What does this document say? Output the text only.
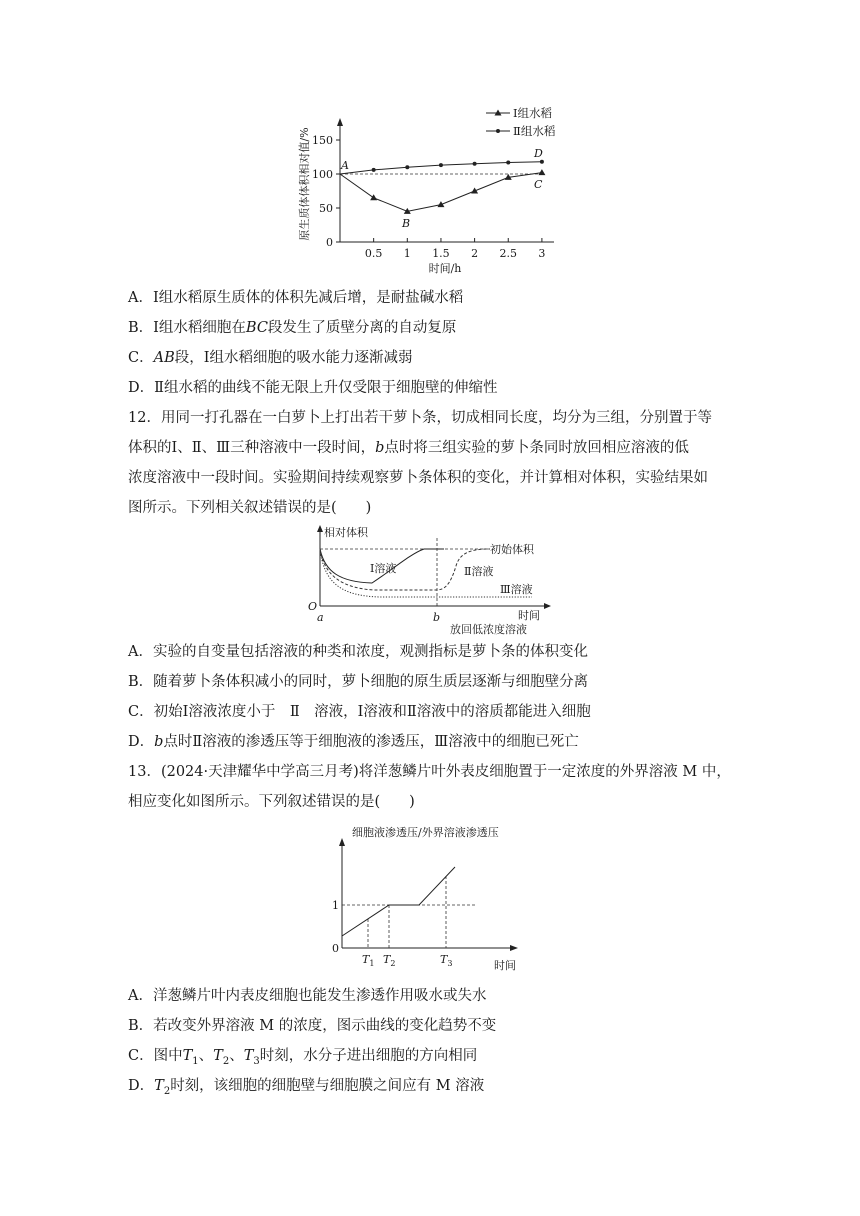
原生质体体积相对值/%
0
50
100
150
0.5 1 1.5 2 2.5 3
时间/h
A
B
C
D
Ⅰ组水稻
Ⅱ组水稻
A．Ⅰ组水稻原生质体的体积先减后增，是耐盐碱水稻
B．Ⅰ组水稻细胞在BC段发生了质壁分离的自动复原
C．AB段，Ⅰ组水稻细胞的吸水能力逐渐减弱
D．Ⅱ组水稻的曲线不能无限上升仅受限于细胞壁的伸缩性
12．用同一打孔器在一白萝卜上打出若干萝卜条，切成相同长度，均分为三组，分别置于等
体积的Ⅰ、Ⅱ、Ⅲ三种溶液中一段时间，b点时将三组实验的萝卜条同时放回相应溶液的低
浓度溶液中一段时间。实验期间持续观察萝卜条体积的变化，并计算相对体积，实验结果如
图所示。下列相关叙述错误的是(　　)
相对体积
初始体积
Ⅰ溶液	Ⅱ溶液
Ⅲ溶液
O
a	b	时间
放回低浓度溶液
A．实验的自变量包括溶液的种类和浓度，观测指标是萝卜条的体积变化
B．随着萝卜条体积减小的同时，萝卜细胞的原生质层逐渐与细胞壁分离
C．初始Ⅰ溶液浓度小于　Ⅱ　溶液，Ⅰ溶液和Ⅱ溶液中的溶质都能进入细胞
D．b点时Ⅱ溶液的渗透压等于细胞液的渗透压，Ⅲ溶液中的细胞已死亡
13．(2024·天津耀华中学高三月考)将洋葱鳞片叶外表皮细胞置于一定浓度的外界溶液 M 中，
相应变化如图所示。下列叙述错误的是(　　)
细胞液渗透压/外界溶液渗透压
0
1
$T_1$ $T_2$	$T_3$	时间
A．洋葱鳞片叶内表皮细胞也能发生渗透作用吸水或失水
B．若改变外界溶液 M 的浓度，图示曲线的变化趋势不变
C．图中$T_1$、$T_2$、$T_3$时刻，水分子进出细胞的方向相同
D．$T_2$时刻，该细胞的细胞壁与细胞膜之间应有 M 溶液
